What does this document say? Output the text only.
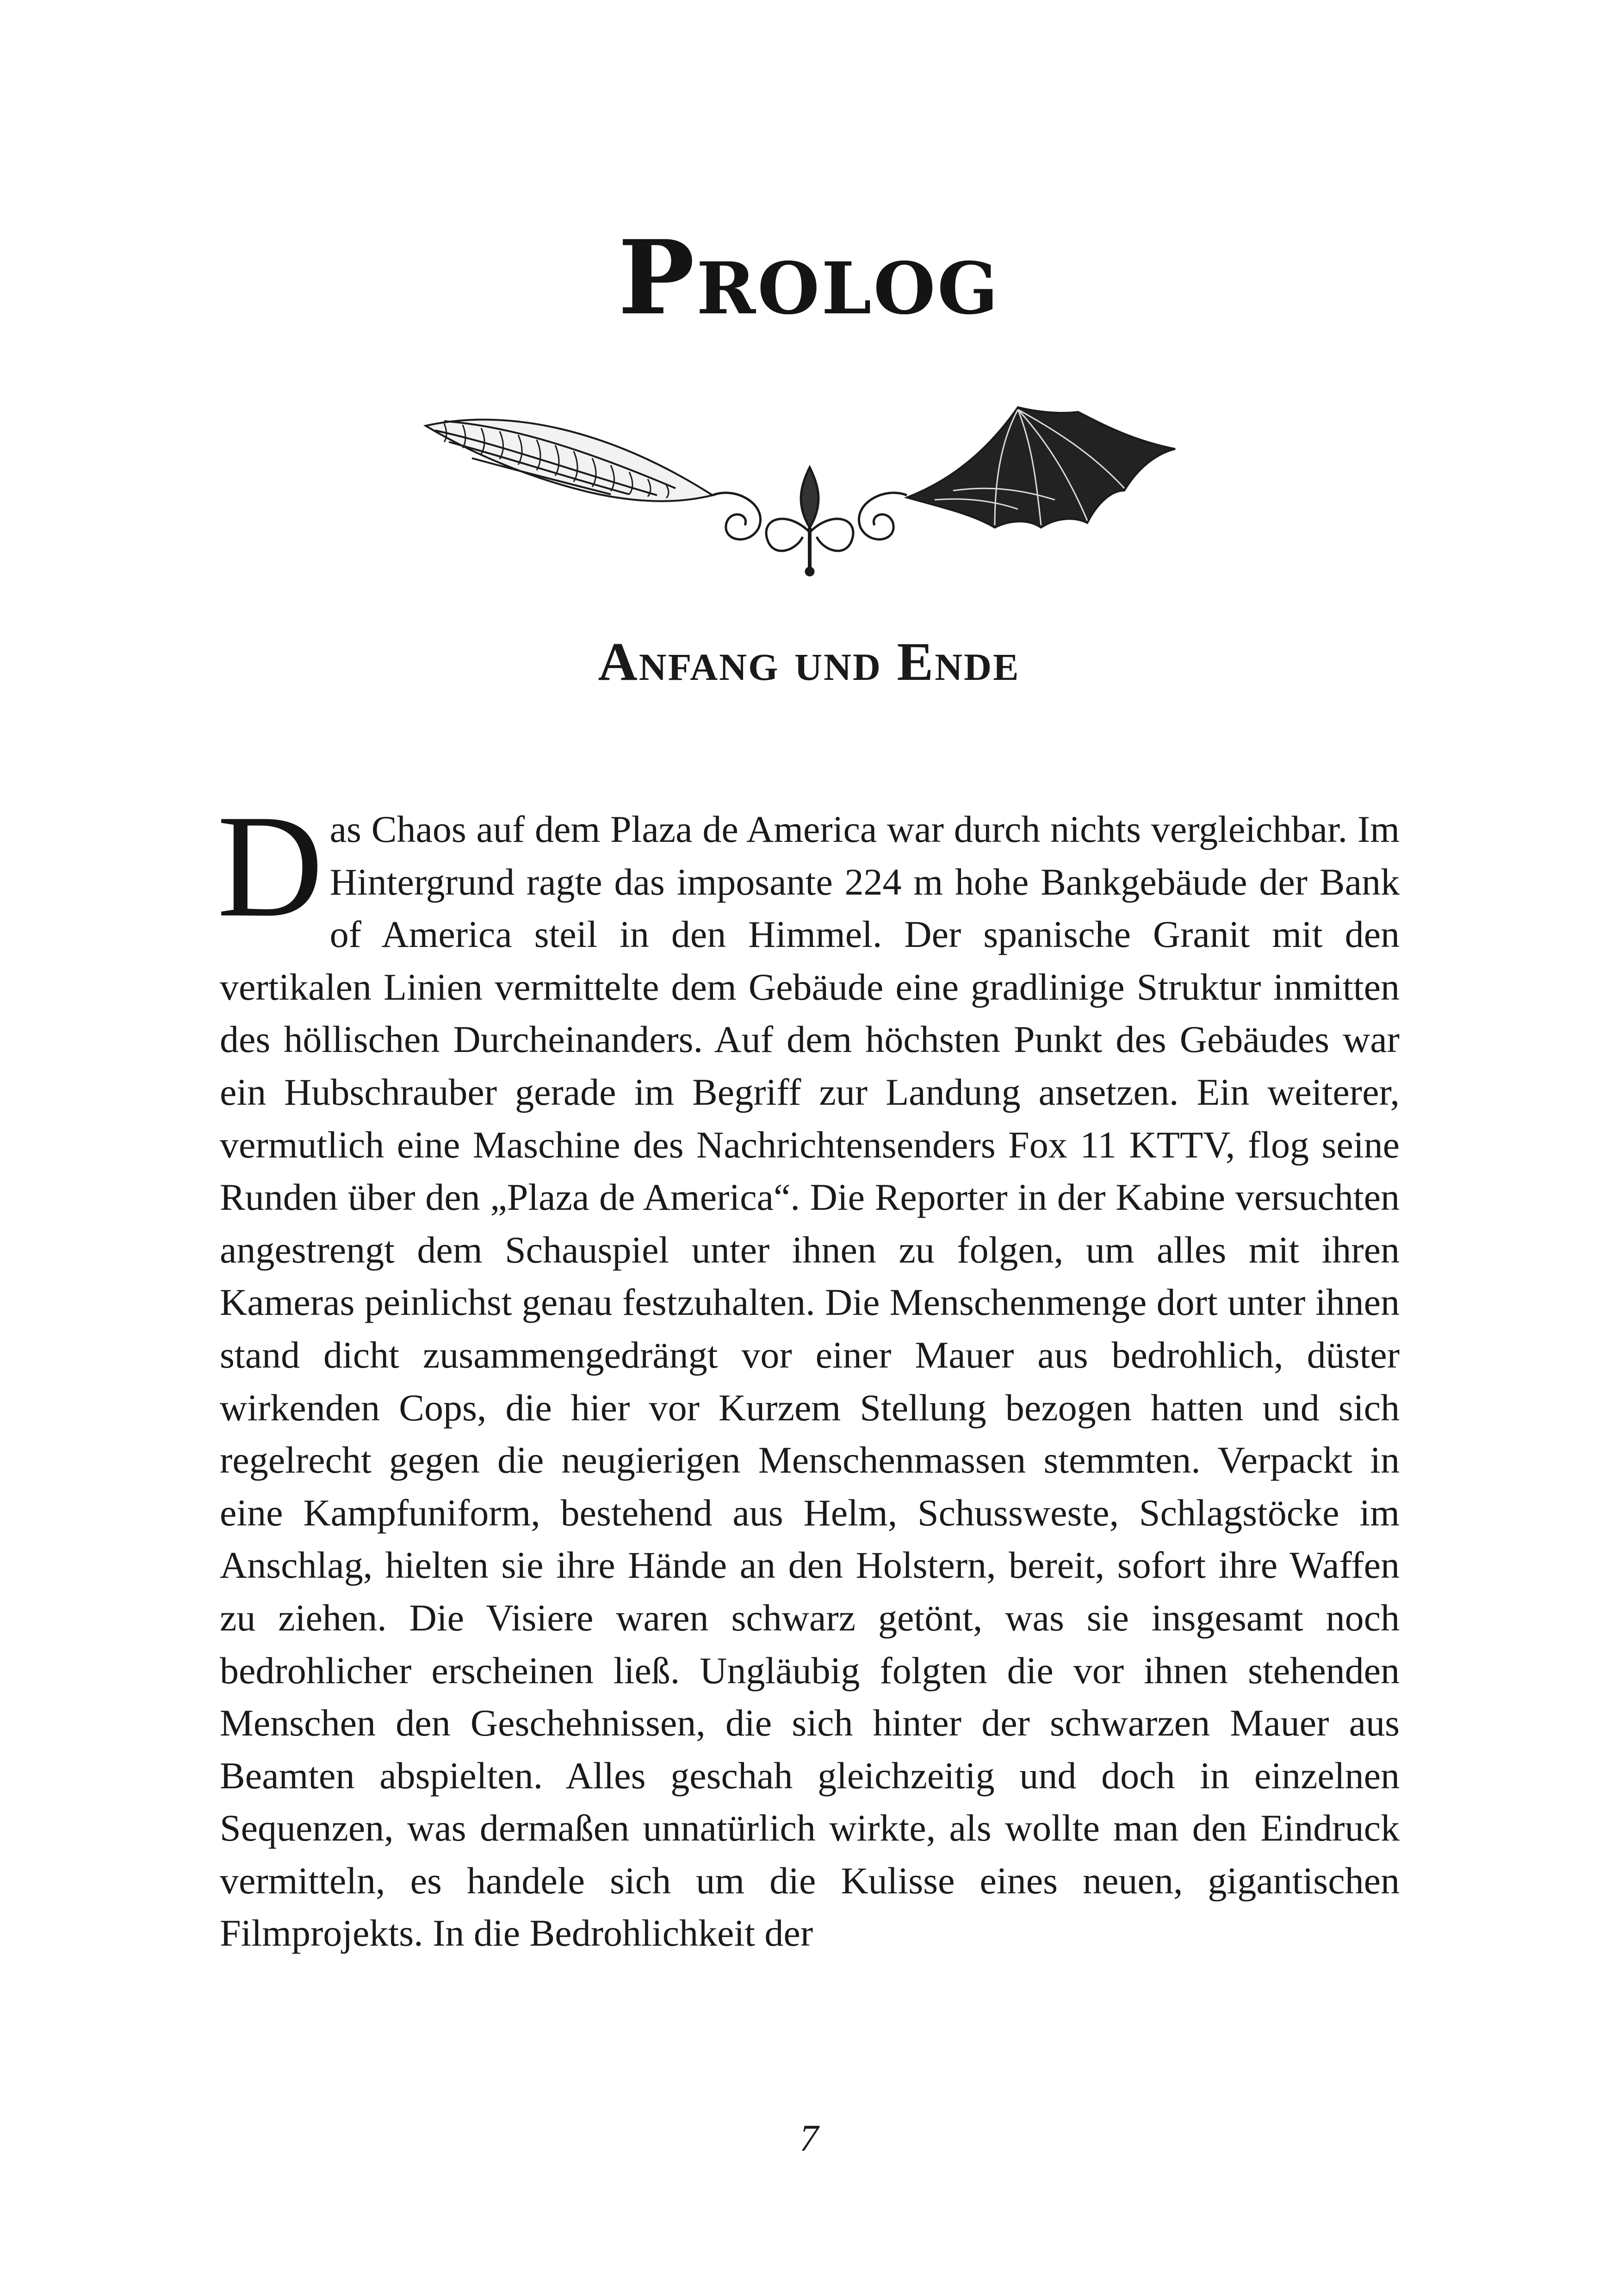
Prolog
Anfang und Ende

Das Chaos auf dem Plaza de America war durch nichts vergleichbar. Im Hintergrund ragte das imposante 224 m hohe Bankgebäude der Bank of America steil in den Himmel. Der spanische Granit mit den vertikalen Linien vermittelte dem Gebäude eine gradlinige Struktur inmitten des höllischen Durcheinanders. Auf dem höchsten Punkt des Gebäudes war ein Hubschrauber gerade im Begriff zur Landung ansetzen. Ein weiterer, vermutlich eine Maschine des Nachrichtensenders Fox 11 KTTV, flog seine Runden über den „Plaza de America“. Die Reporter in der Kabine versuchten angestrengt dem Schauspiel unter ihnen zu folgen, um alles mit ihren Kameras peinlichst genau festzuhalten. Die Menschenmenge dort unter ihnen stand dicht zusammengedrängt vor einer Mauer aus bedrohlich, düster wirkenden Cops, die hier vor Kurzem Stellung bezogen hatten und sich regelrecht gegen die neugierigen Menschenmassen stemmten. Verpackt in eine Kampfuniform, bestehend aus Helm, Schussweste, Schlagstöcke im Anschlag, hielten sie ihre Hände an den Holstern, bereit, sofort ihre Waffen zu ziehen. Die Visiere waren schwarz getönt, was sie insgesamt noch bedrohlicher erscheinen ließ. Ungläubig folgten die vor ihnen stehenden Menschen den Geschehnissen, die sich hinter der schwarzen Mauer aus Beamten abspielten. Alles geschah gleichzeitig und doch in einzelnen Sequenzen, was dermaßen unnatürlich wirkte, als wollte man den Eindruck vermitteln, es handele sich um die Kulisse eines neuen, gigantischen Filmprojekts. In die Bedrohlichkeit der

7
